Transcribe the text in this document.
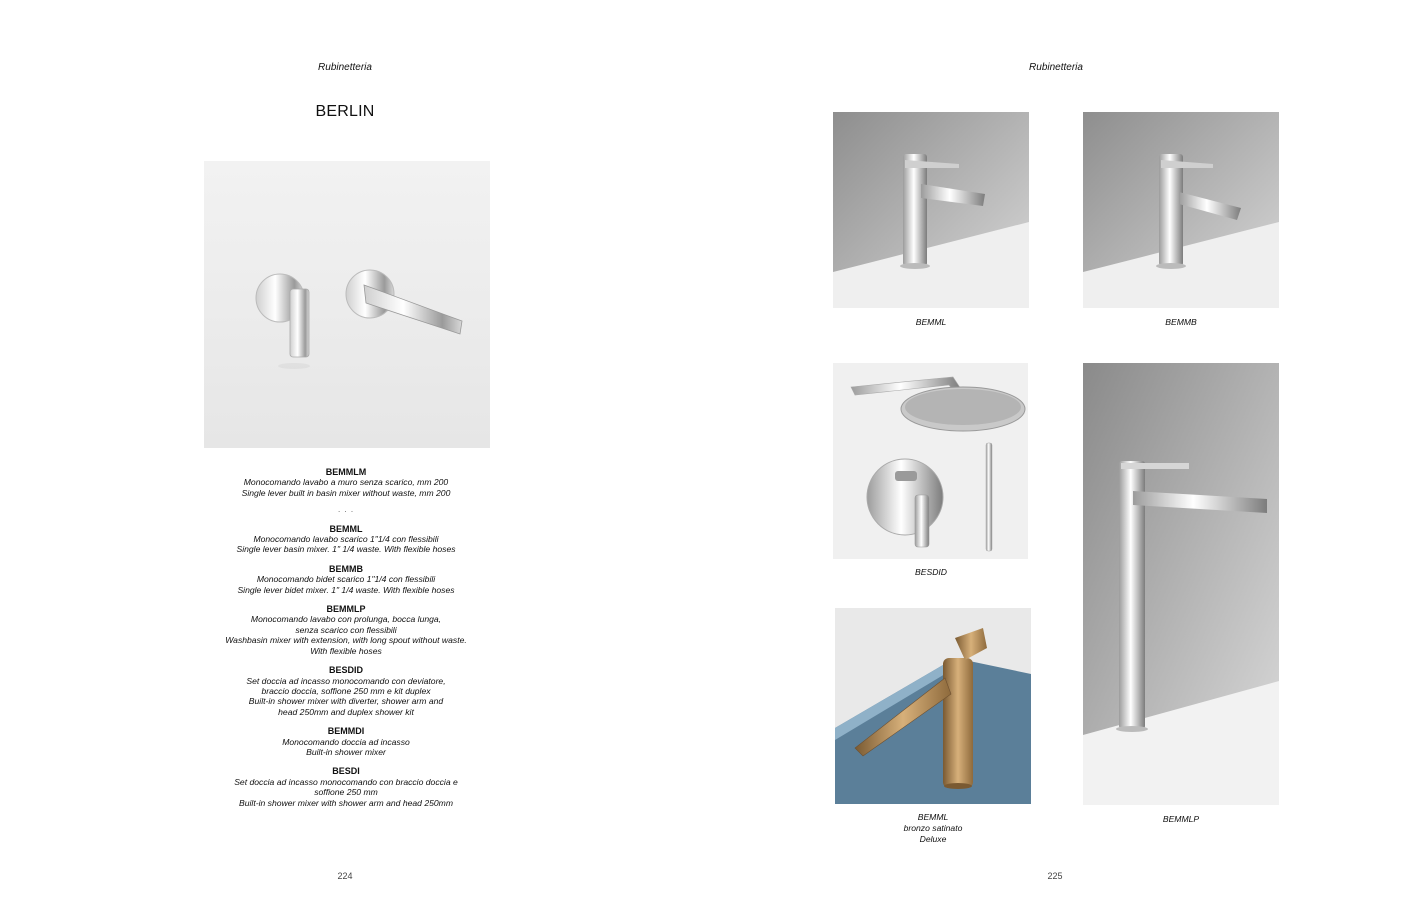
Rubinetteria
BERLIN
BEMMLM
Monocomando lavabo a muro senza scarico, mm 200
Single lever built in basin mixer without waste, mm 200
. . .
BEMML
Monocomando lavabo scarico 1"1/4 con flessibili
Single lever basin mixer. 1" 1/4 waste. With flexible hoses
BEMMB
Monocomando bidet scarico 1"1/4 con flessibili
Single lever bidet mixer. 1" 1/4 waste. With flexible hoses
BEMMLP
Monocomando lavabo con prolunga, bocca lunga,
senza scarico con flessibili
Washbasin mixer with extension, with long spout without waste.
With flexible hoses
BESDID
Set doccia ad incasso monocomando con deviatore,
braccio doccia, soffione 250 mm e kit duplex
Built-in shower mixer with diverter, shower arm and
head 250mm and duplex shower kit
BEMMDI
Monocomando doccia ad incasso
Built-in shower mixer
BESDI
Set doccia ad incasso monocomando con braccio doccia e
soffione 250 mm
Built-in shower mixer with shower arm and head 250mm
224
Rubinetteria
BEMML	BEMMB
BESDID
BEMMLP
BEMML
bronzo satinato
Deluxe
225
